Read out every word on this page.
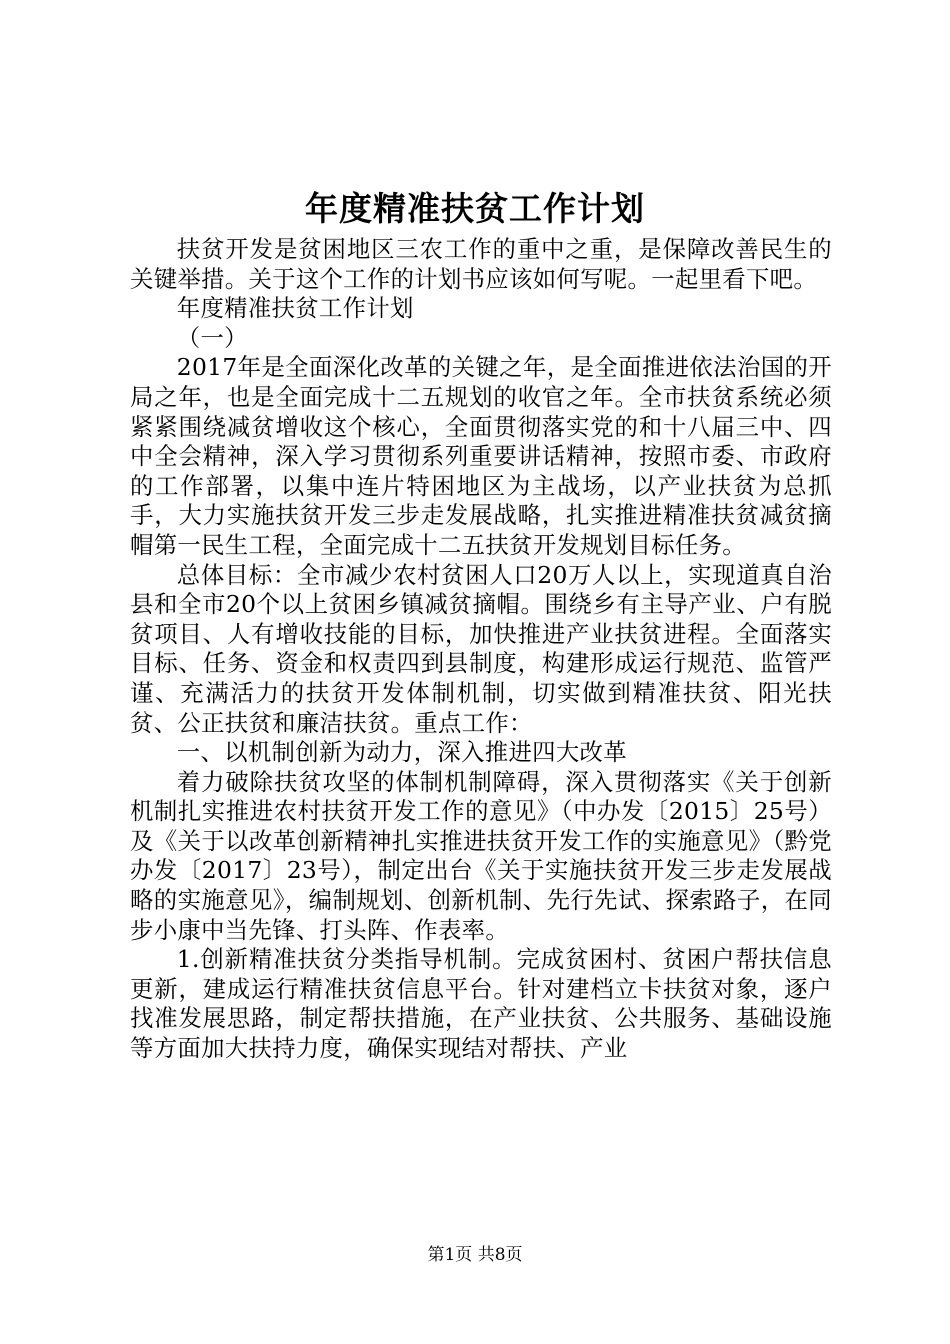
年度精准扶贫工作计划

扶贫开发是贫困地区三农工作的重中之重，是保障改善民生的关键举措。关于这个工作的计划书应该如何写呢。一起里看下吧。

年度精准扶贫工作计划

（一）

2017年是全面深化改革的关键之年，是全面推进依法治国的开局之年，也是全面完成十二五规划的收官之年。全市扶贫系统必须紧紧围绕减贫增收这个核心，全面贯彻落实党的和十八届三中、四中全会精神，深入学习贯彻系列重要讲话精神，按照市委、市政府的工作部署，以集中连片特困地区为主战场，以产业扶贫为总抓手，大力实施扶贫开发三步走发展战略，扎实推进精准扶贫减贫摘帽第一民生工程，全面完成十二五扶贫开发规划目标任务。

总体目标：全市减少农村贫困人口20万人以上，实现道真自治县和全市20个以上贫困乡镇减贫摘帽。围绕乡有主导产业、户有脱贫项目、人有增收技能的目标，加快推进产业扶贫进程。全面落实目标、任务、资金和权责四到县制度，构建形成运行规范、监管严谨、充满活力的扶贫开发体制机制，切实做到精准扶贫、阳光扶贫、公正扶贫和廉洁扶贫。重点工作：

一、以机制创新为动力，深入推进四大改革

着力破除扶贫攻坚的体制机制障碍，深入贯彻落实《关于创新机制扎实推进农村扶贫开发工作的意见》（中办发〔2015〕25号）及《关于以改革创新精神扎实推进扶贫开发工作的实施意见》（黔党办发〔2017〕23号），制定出台《关于实施扶贫开发三步走发展战略的实施意见》，编制规划、创新机制、先行先试、探索路子，在同步小康中当先锋、打头阵、作表率。

1.创新精准扶贫分类指导机制。完成贫困村、贫困户帮扶信息更新，建成运行精准扶贫信息平台。针对建档立卡扶贫对象，逐户找准发展思路，制定帮扶措施，在产业扶贫、公共服务、基础设施等方面加大扶持力度，确保实现结对帮扶、产业

第1页 共8页
